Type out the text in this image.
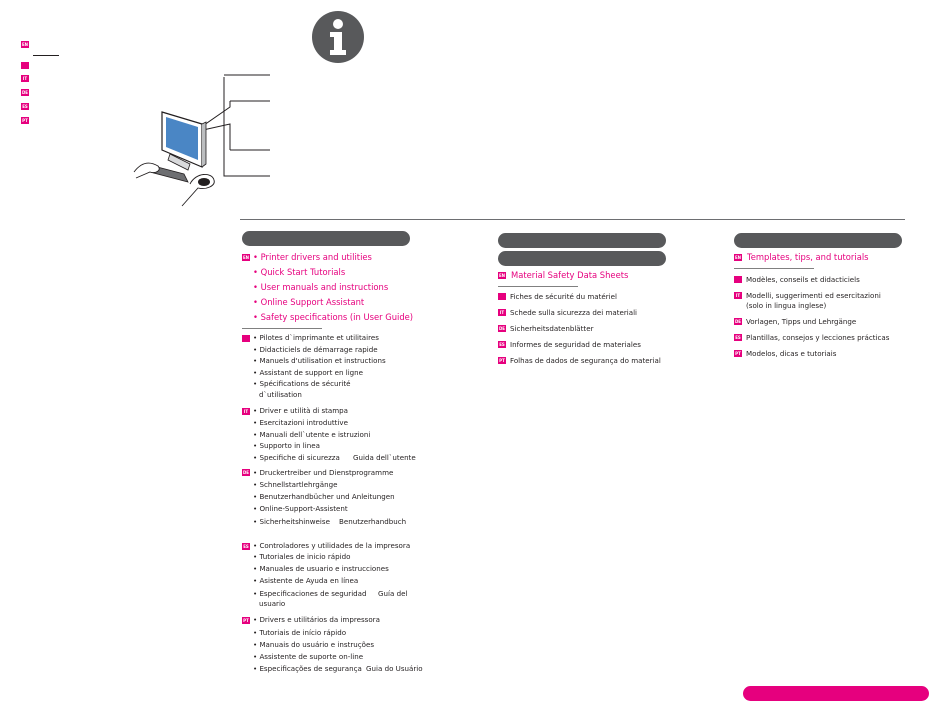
EN
IT
DE
ES
PT
EN • Printer drivers and utilities
• Quick Start Tutorials
• User manuals and instructions
• Online Support Assistant
• Safety specifications (in User Guide)
• Pilotes d`imprimante et utilitaires
• Didacticiels de démarrage rapide
• Manuels d'utilisation et instructions
• Assistant de support en ligne
• Spécifications de sécurité
d`utilisation
IT • Driver e utilità di stampa
• Esercitazioni introduttive
• Manuali dell`utente e istruzioni
• Supporto in linea
• Specifiche di sicurezza Guida dell`utente
DE • Druckertreiber und Dienstprogramme
• Schnellstartlehrgänge
• Benutzerhandbücher und Anleitungen
• Online-Support-Assistent
• Sicherheitshinweise Benutzerhandbuch
ES • Controladores y utilidades de la impresora
• Tutoriales de inicio rápido
• Manuales de usuario e instrucciones
• Asistente de Ayuda en línea
• Especificaciones de seguridad Guía del
usuario
PT • Drivers e utilitários da impressora
• Tutoriais de início rápido
• Manuais do usuário e instruções
• Assistente de suporte on-line
• Especificações de segurança Guia do Usuário
EN Material Safety Data Sheets
Fiches de sécurité du matériel
IT Schede sulla sicurezza dei materiali
DE Sicherheitsdatenblätter
ES Informes de seguridad de materiales
PT Folhas de dados de segurança do material
EN Templates, tips, and tutorials
Modèles, conseils et didacticiels
IT Modelli, suggerimenti ed esercitazioni
(solo in lingua inglese)
DE Vorlagen, Tipps und Lehrgänge
ES Plantillas, consejos y lecciones prácticas
PT Modelos, dicas e tutoriais
